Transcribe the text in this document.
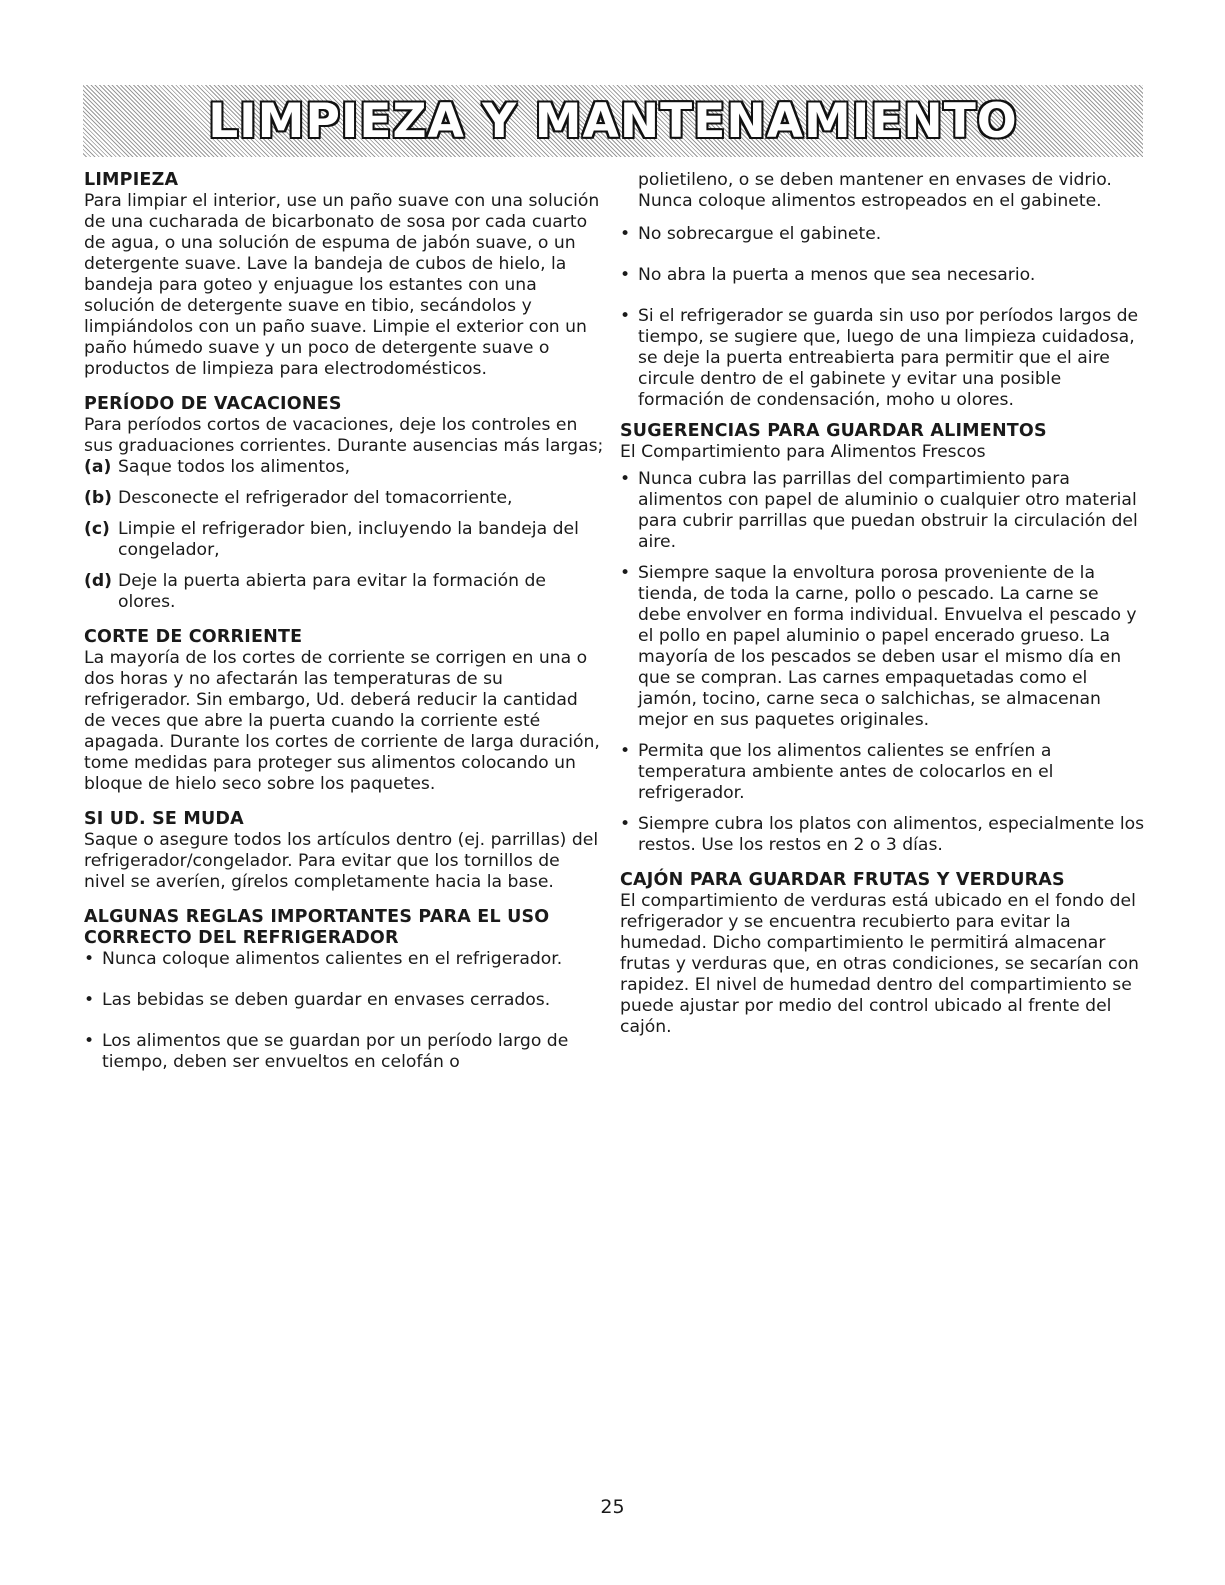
LIMPIEZA Y MANTENAMIENTO
LIMPIEZA

Para limpiar el interior, use un paño suave con una solución de una cucharada de bicarbonato de sosa por cada cuarto de agua, o una solución de espuma de jabón suave, o un detergente suave. Lave la bandeja de cubos de hielo, la bandeja para goteo y enjuague los estantes con una solución de detergente suave en tibio, secándolos y limpiándolos con un paño suave. Limpie el exterior con un paño húmedo suave y un poco de detergente suave o productos de limpieza para electrodomésticos.

PERÍODO DE VACACIONES

Para períodos cortos de vacaciones, deje los controles en sus graduaciones corrientes. Durante ausencias más largas;

(a) Saque todos los alimentos,
(b) Desconecte el refrigerador del tomacorriente,
(c) Limpie el refrigerador bien, incluyendo la bandeja del congelador,
(d) Deje la puerta abierta para evitar la formación de olores.
CORTE DE CORRIENTE

La mayoría de los cortes de corriente se corrigen en una o dos horas y no afectarán las temperaturas de su refrigerador. Sin embargo, Ud. deberá reducir la cantidad de veces que abre la puerta cuando la corriente esté apagada. Durante los cortes de corriente de larga duración, tome medidas para proteger sus alimentos colocando un bloque de hielo seco sobre los paquetes.

SI UD. SE MUDA

Saque o asegure todos los artículos dentro (ej. parrillas) del refrigerador/congelador. Para evitar que los tornillos de nivel se averíen, gírelos completamente hacia la base.

ALGUNAS REGLAS IMPORTANTES PARA EL USO CORRECTO DEL REFRIGERADOR
• Nunca coloque alimentos calientes en el refrigerador.
• Las bebidas se deben guardar en envases cerrados.
• Los alimentos que se guardan por un período largo de tiempo, deben ser envueltos en celofán o

polietileno, o se deben mantener en envases de vidrio. Nunca coloque alimentos estropeados en el gabinete.

• No sobrecargue el gabinete.
• No abra la puerta a menos que sea necesario.
• Si el refrigerador se guarda sin uso por períodos largos de tiempo, se sugiere que, luego de una limpieza cuidadosa, se deje la puerta entreabierta para permitir que el aire circule dentro de el gabinete y evitar una posible formación de condensación, moho u olores.
SUGERENCIAS PARA GUARDAR ALIMENTOS

El Compartimiento para Alimentos Frescos

• Nunca cubra las parrillas del compartimiento para alimentos con papel de aluminio o cualquier otro material para cubrir parrillas que puedan obstruir la circulación del aire.
• Siempre saque la envoltura porosa proveniente de la tienda, de toda la carne, pollo o pescado. La carne se debe envolver en forma individual. Envuelva el pescado y el pollo en papel aluminio o papel encerado grueso. La mayoría de los pescados se deben usar el mismo día en que se compran. Las carnes empaquetadas como el jamón, tocino, carne seca o salchichas, se almacenan mejor en sus paquetes originales.
• Permita que los alimentos calientes se enfríen a temperatura ambiente antes de colocarlos en el refrigerador.
• Siempre cubra los platos con alimentos, especialmente los restos. Use los restos en 2 o 3 días.
CAJÓN PARA GUARDAR FRUTAS Y VERDURAS

El compartimiento de verduras está ubicado en el fondo del refrigerador y se encuentra recubierto para evitar la humedad. Dicho compartimiento le permitirá almacenar frutas y verduras que, en otras condiciones, se secarían con rapidez. El nivel de humedad dentro del compartimiento se puede ajustar por medio del control ubicado al frente del cajón.

25
